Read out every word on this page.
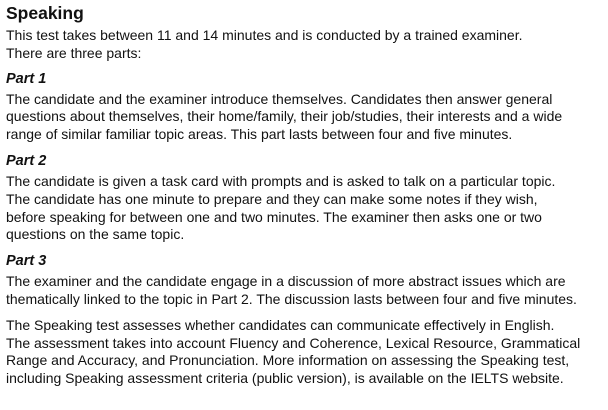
Speaking

This test takes between 11 and 14 minutes and is conducted by a trained examiner.
There are three parts:

Part 1

The candidate and the examiner introduce themselves. Candidates then answer general
questions about themselves, their home/family, their job/studies, their interests and a wide
range of similar familiar topic areas. This part lasts between four and five minutes.

Part 2

The candidate is given a task card with prompts and is asked to talk on a particular topic.
The candidate has one minute to prepare and they can make some notes if they wish,
before speaking for between one and two minutes. The examiner then asks one or two
questions on the same topic.

Part 3

The examiner and the candidate engage in a discussion of more abstract issues which are
thematically linked to the topic in Part 2. The discussion lasts between four and five minutes.

The Speaking test assesses whether candidates can communicate effectively in English.
The assessment takes into account Fluency and Coherence, Lexical Resource, Grammatical
Range and Accuracy, and Pronunciation. More information on assessing the Speaking test,
including Speaking assessment criteria (public version), is available on the IELTS website.
